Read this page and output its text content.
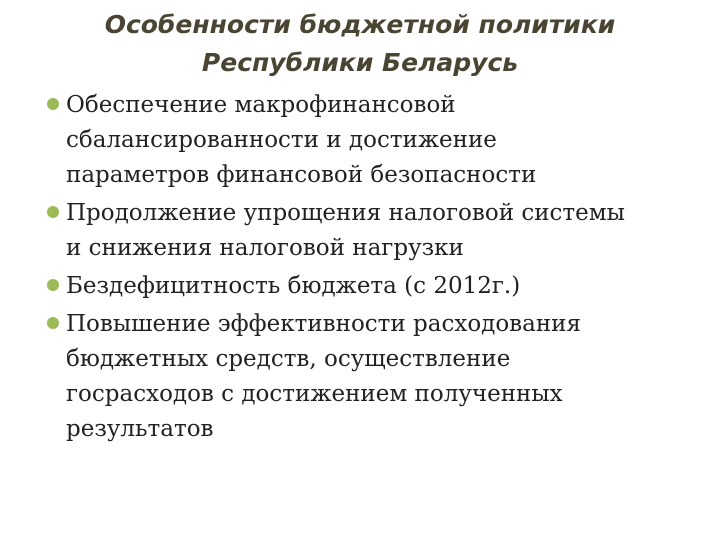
Особенности бюджетной политики
Республики Беларусь
Обеспечение макрофинансовой
сбалансированности и достижение
параметров финансовой безопасности
Продолжение упрощения налоговой системы
и снижения налоговой нагрузки
Бездефицитность бюджета (с 2012г.)
Повышение эффективности расходования
бюджетных средств, осуществление
госрасходов с достижением полученных
результатов
